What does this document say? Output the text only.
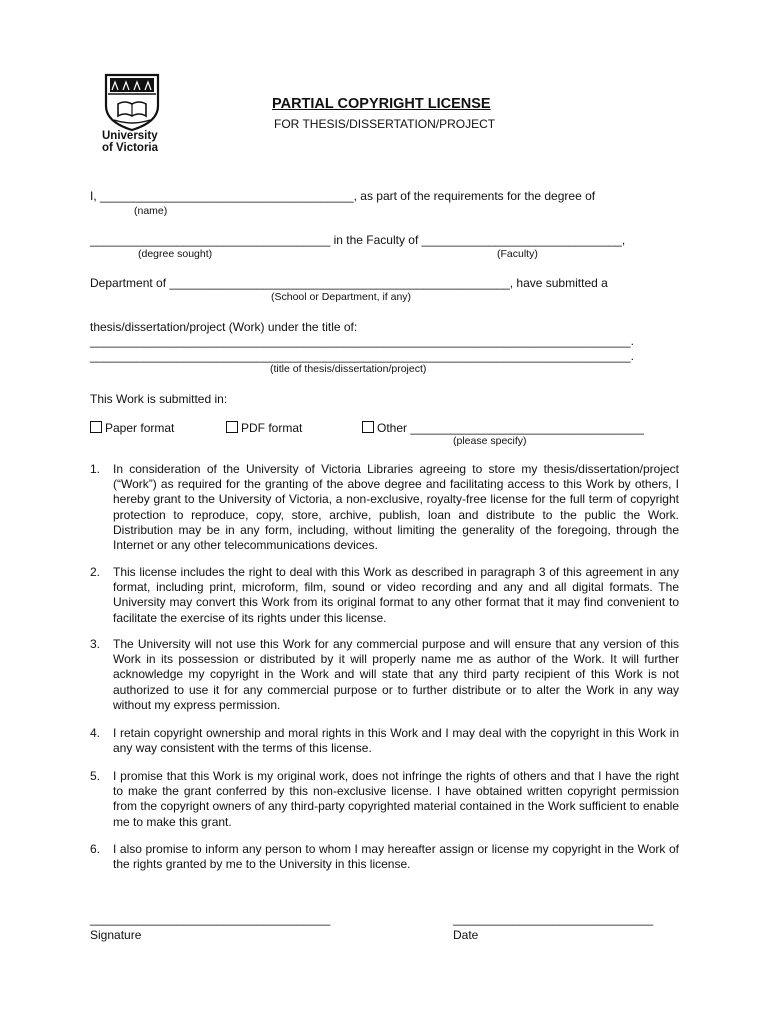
University
of Victoria
PARTIAL COPYRIGHT LICENSE
FOR THESIS/DISSERTATION/PROJECT
I, ______________________________________, as part of the requirements for the degree of
(name)
____________________________________ in the Faculty of ______________________________,
(degree sought)	(Faculty)
Department of ___________________________________________________, have submitted a
(School or Department, if any)
thesis/dissertation/project (Work) under the title of:
_________________________________________________________________________________.
_________________________________________________________________________________.
(title of thesis/dissertation/project)
This Work is submitted in:
Paper format	PDF format	Other ___________________________________
(please specify)
1. In consideration of the University of Victoria Libraries agreeing to store my thesis/dissertation/project (“Work”) as required for the granting of the above degree and facilitating access to this Work by others, I hereby grant to the University of Victoria, a non-exclusive, royalty-free license for the full term of copyright protection to reproduce, copy, store, archive, publish, loan and distribute to the public the Work. Distribution may be in any form, including, without limiting the generality of the foregoing, through the Internet or any other telecommunications devices.
2. This license includes the right to deal with this Work as described in paragraph 3 of this agreement in any format, including print, microform, film, sound or video recording and any and all digital formats. The University may convert this Work from its original format to any other format that it may find convenient to facilitate the exercise of its rights under this license.
3. The University will not use this Work for any commercial purpose and will ensure that any version of this Work in its possession or distributed by it will properly name me as author of the Work. It will further acknowledge my copyright in the Work and will state that any third party recipient of this Work is not authorized to use it for any commercial purpose or to further distribute or to alter the Work in any way without my express permission.
4. I retain copyright ownership and moral rights in this Work and I may deal with the copyright in this Work in any way consistent with the terms of this license.
5. I promise that this Work is my original work, does not infringe the rights of others and that I have the right to make the grant conferred by this non-exclusive license. I have obtained written copyright permission from the copyright owners of any third-party copyrighted material contained in the Work sufficient to enable me to make this grant.
6. I also promise to inform any person to whom I may hereafter assign or license my copyright in the Work of the rights granted by me to the University in this license.
____________________________________
Signature
______________________________
Date
